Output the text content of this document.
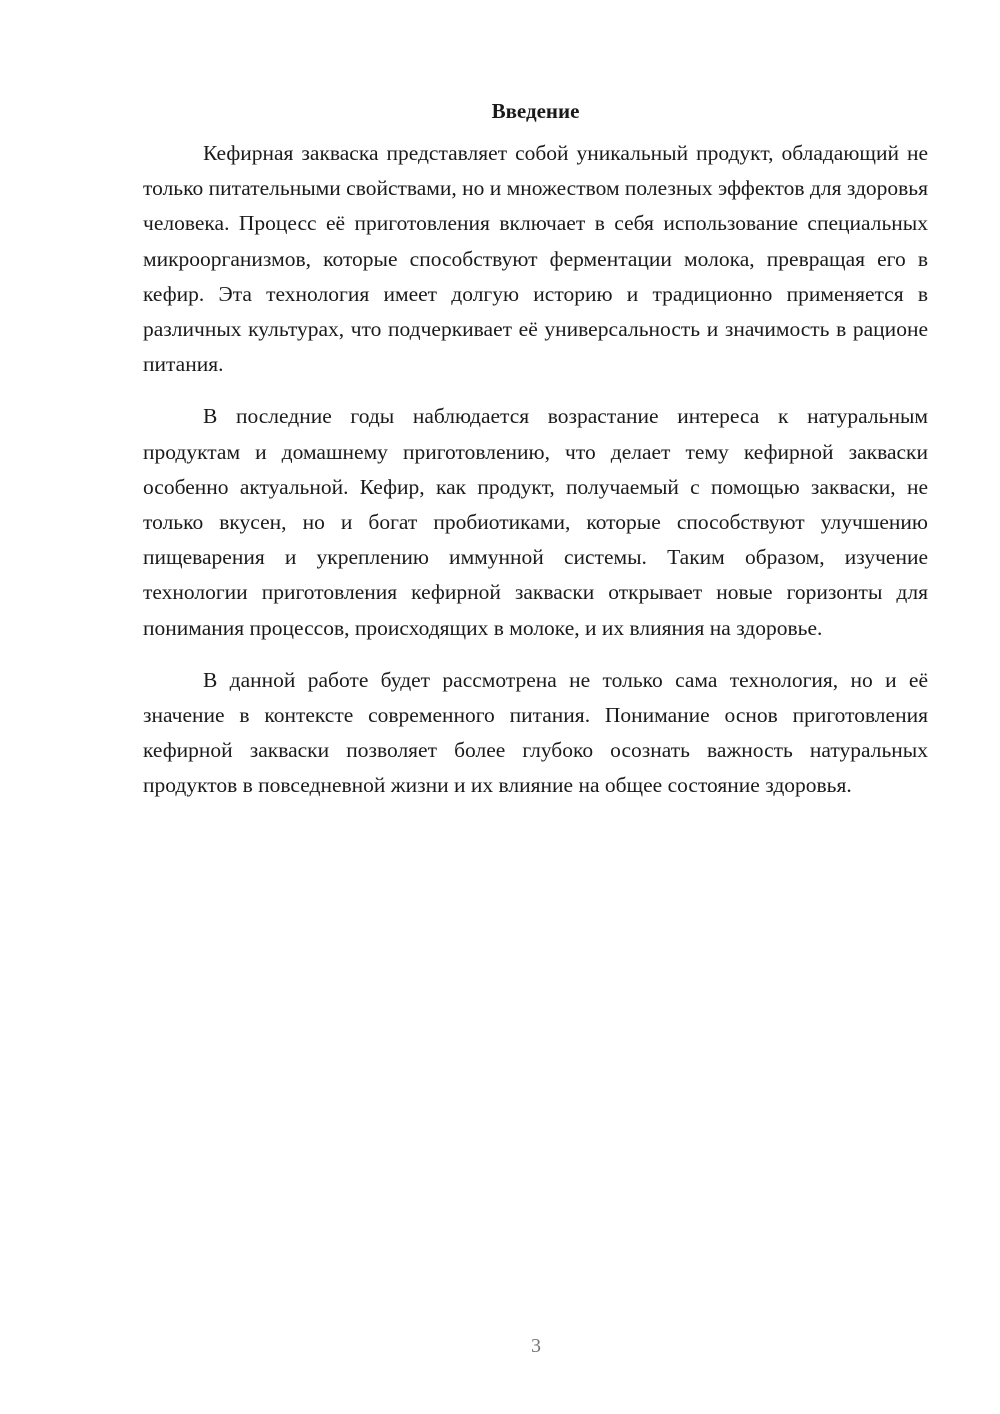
Введение

Кефирная закваска представляет собой уникальный продукт, обладающий не только питательными свойствами, но и множеством полезных эффектов для здоровья человека. Процесс её приготовления включает в себя использование специальных микроорганизмов, которые способствуют ферментации молока, превращая его в кефир. Эта технология имеет долгую историю и традиционно применяется в различных культурах, что подчеркивает её универсальность и значимость в рационе питания.

В последние годы наблюдается возрастание интереса к натуральным продуктам и домашнему приготовлению, что делает тему кефирной закваски особенно актуальной. Кефир, как продукт, получаемый с помощью закваски, не только вкусен, но и богат пробиотиками, которые способствуют улучшению пищеварения и укреплению иммунной системы. Таким образом, изучение технологии приготовления кефирной закваски открывает новые горизонты для понимания процессов, происходящих в молоке, и их влияния на здоровье.

В данной работе будет рассмотрена не только сама технология, но и её значение в контексте современного питания. Понимание основ приготовления кефирной закваски позволяет более глубоко осознать важность натуральных продуктов в повседневной жизни и их влияние на общее состояние здоровья.

3
